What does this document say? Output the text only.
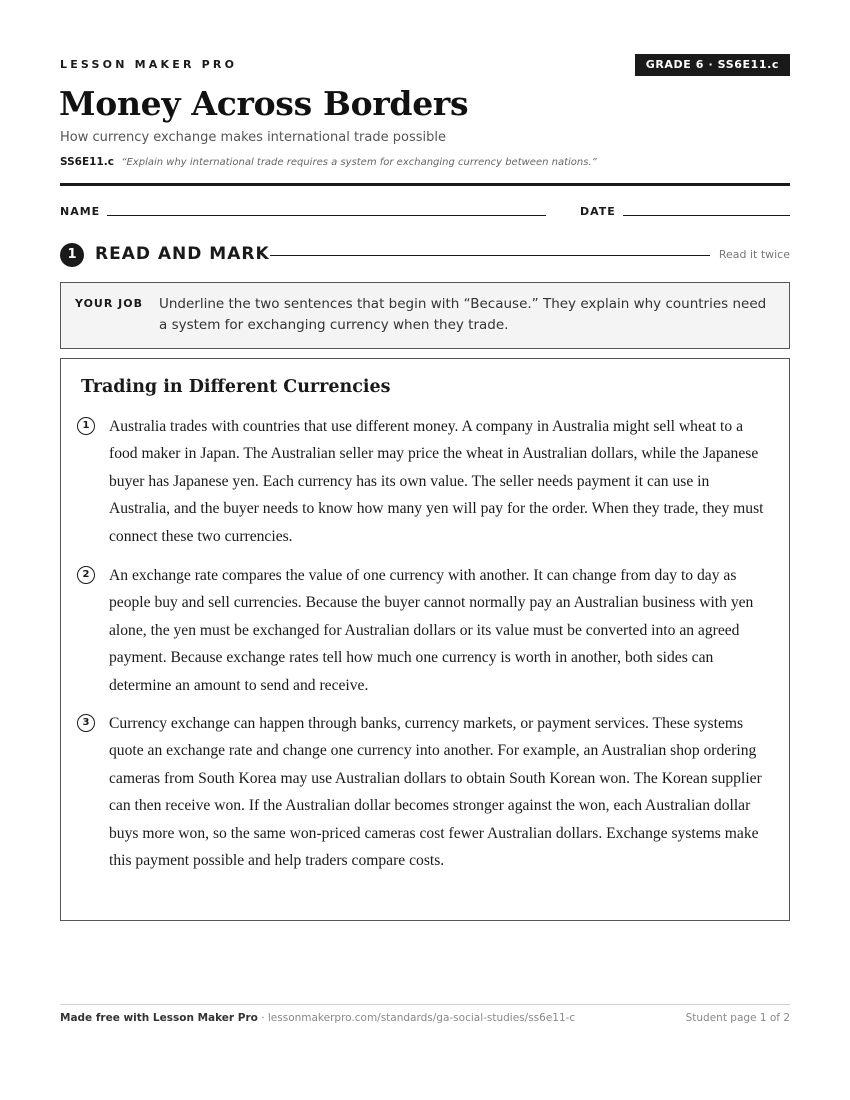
LESSON MAKER PRO	GRADE 6 · SS6E11.c
Money Across Borders
How currency exchange makes international trade possible
SS6E11.c “Explain why international trade requires a system for exchanging currency between nations.”
NAME	DATE
1	READ AND MARK	Read it twice
YOUR JOB Underline the two sentences that begin with “Because.” They explain why countries need a system for exchanging currency when they trade.
Trading in Different Currencies
1	Australia trades with countries that use different money. A company in Australia might sell wheat to a food maker in Japan. The Australian seller may price the wheat in Australian dollars, while the Japanese buyer has Japanese yen. Each currency has its own value. The seller needs payment it can use in Australia, and the buyer needs to know how many yen will pay for the order. When they trade, they must connect these two currencies.

2	An exchange rate compares the value of one currency with another. It can change from day to day as people buy and sell currencies. Because the buyer cannot normally pay an Australian business with yen alone, the yen must be exchanged for Australian dollars or its value must be converted into an agreed payment. Because exchange rates tell how much one currency is worth in another, both sides can determine an amount to send and receive.

3	Currency exchange can happen through banks, currency markets, or payment services. These systems quote an exchange rate and change one currency into another. For example, an Australian shop ordering cameras from South Korea may use Australian dollars to obtain South Korean won. The Korean supplier can then receive won. If the Australian dollar becomes stronger against the won, each Australian dollar buys more won, so the same won-priced cameras cost fewer Australian dollars. Exchange systems make this payment possible and help traders compare costs.

Made free with Lesson Maker Pro · lessonmakerpro.com/standards/ga-social-studies/ss6e11-c	Student page 1 of 2
